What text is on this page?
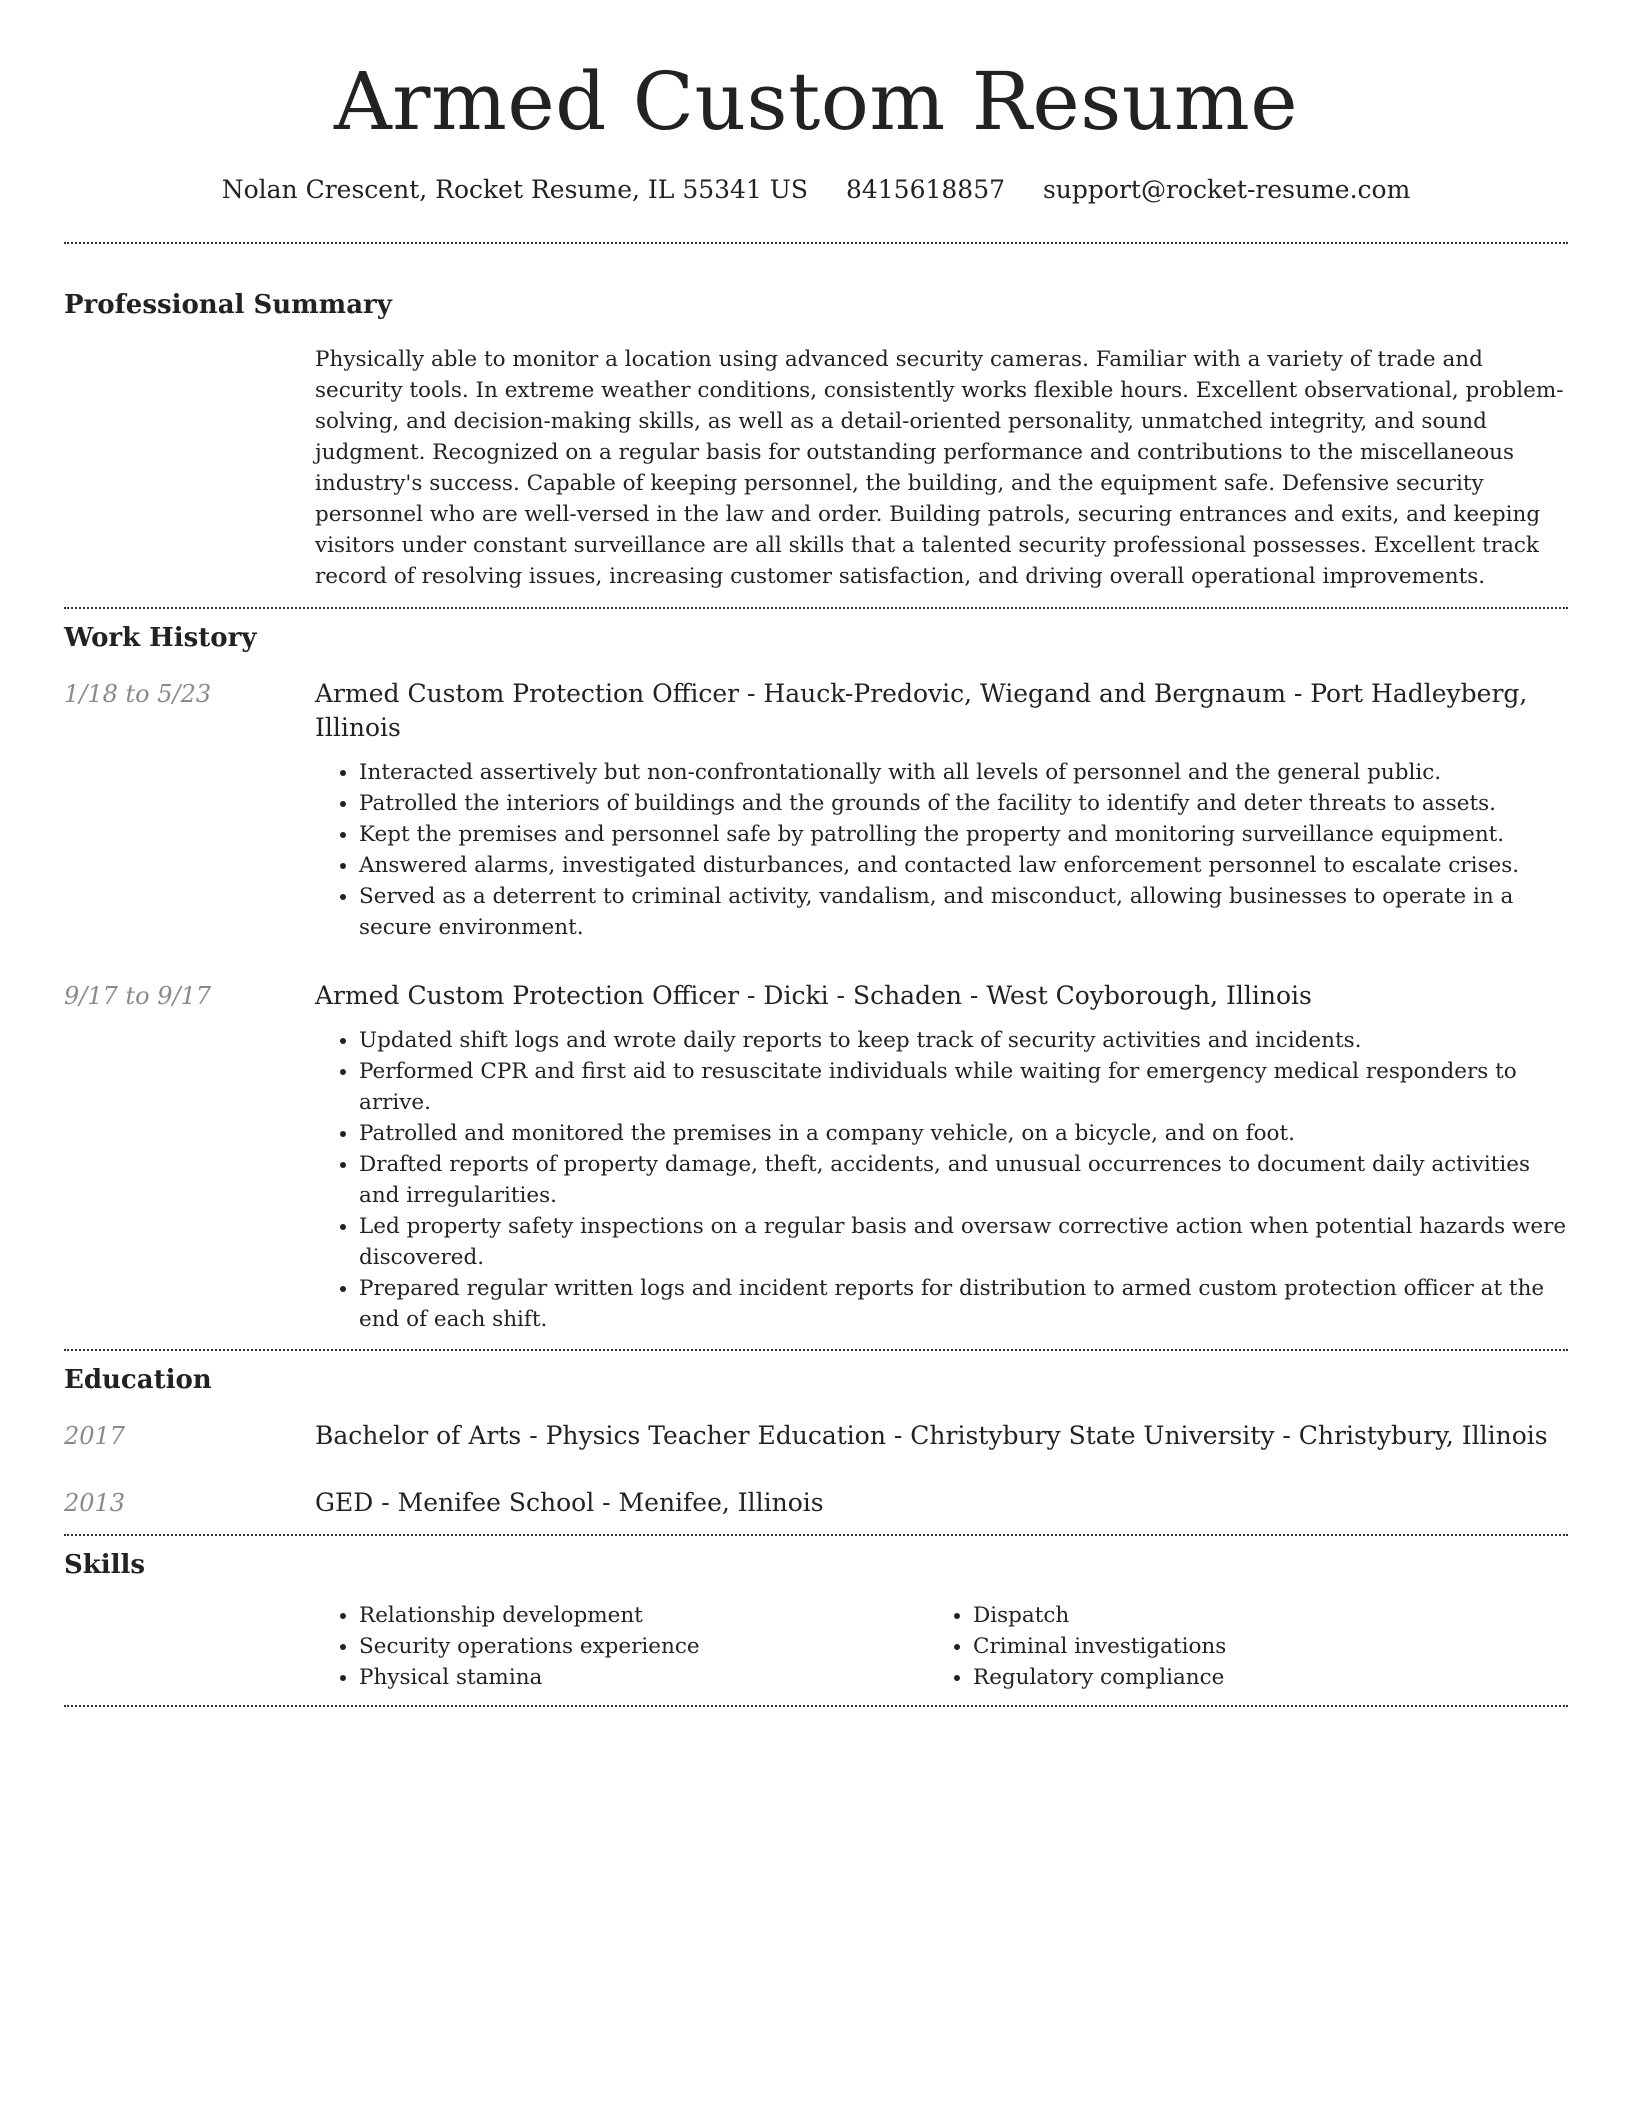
Armed Custom Resume
Nolan Crescent, Rocket Resume, IL 55341 US 8415618857 support@rocket-resume.com
Professional Summary

Physically able to monitor a location using advanced security cameras. Familiar with a variety of trade and security tools. In extreme weather conditions, consistently works flexible hours. Excellent observational, problem-solving, and decision-making skills, as well as a detail-oriented personality, unmatched integrity, and sound judgment. Recognized on a regular basis for outstanding performance and contributions to the miscellaneous industry's success. Capable of keeping personnel, the building, and the equipment safe. Defensive security personnel who are well-versed in the law and order. Building patrols, securing entrances and exits, and keeping visitors under constant surveillance are all skills that a talented security professional possesses. Excellent track record of resolving issues, increasing customer satisfaction, and driving overall operational improvements.

Work History
1/18 to 5/23	Armed Custom Protection Officer - Hauck-Predovic, Wiegand and Bergnaum - Port Hadleyberg, Illinois
• Interacted assertively but non-confrontationally with all levels of personnel and the general public.
• Patrolled the interiors of buildings and the grounds of the facility to identify and deter threats to assets.
• Kept the premises and personnel safe by patrolling the property and monitoring surveillance equipment.
• Answered alarms, investigated disturbances, and contacted law enforcement personnel to escalate crises.
• Served as a deterrent to criminal activity, vandalism, and misconduct, allowing businesses to operate in a secure environment.
9/17 to 9/17	Armed Custom Protection Officer - Dicki - Schaden - West Coyborough, Illinois
• Updated shift logs and wrote daily reports to keep track of security activities and incidents.
• Performed CPR and first aid to resuscitate individuals while waiting for emergency medical responders to arrive.
• Patrolled and monitored the premises in a company vehicle, on a bicycle, and on foot.
• Drafted reports of property damage, theft, accidents, and unusual occurrences to document daily activities and irregularities.
• Led property safety inspections on a regular basis and oversaw corrective action when potential hazards were discovered.
• Prepared regular written logs and incident reports for distribution to armed custom protection officer at the end of each shift.
Education
2017	Bachelor of Arts - Physics Teacher Education - Christybury State University - Christybury, Illinois
2013	GED - Menifee School - Menifee, Illinois
Skills
• Relationship development
• Security operations experience
• Physical stamina
• Dispatch
• Criminal investigations
• Regulatory compliance
